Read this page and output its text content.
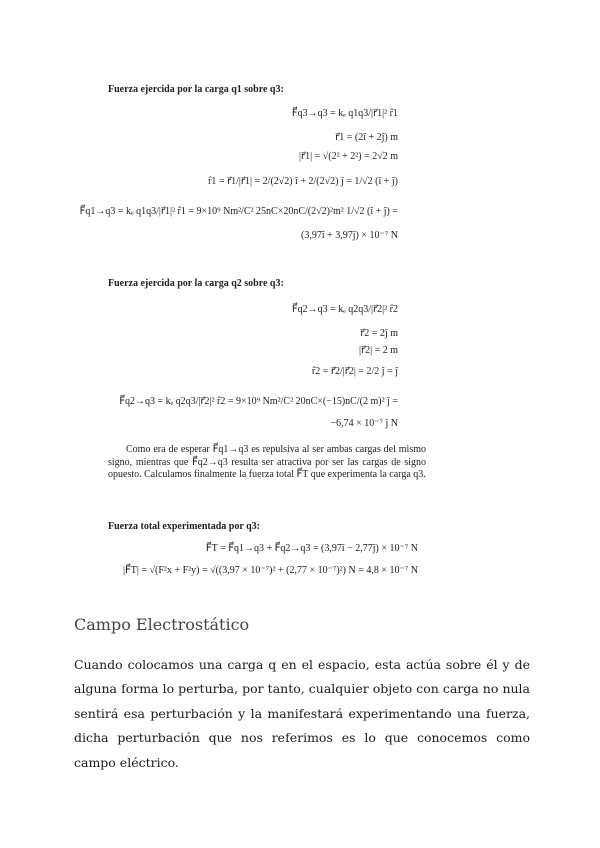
Fuerza ejercida por la carga q1 sobre q3:
F⃗q3→q3 = kₑ q1q3/|r⃗1|² r̂1
r⃗1 = (2î + 2ĵ) m
|r⃗1| = √(2² + 2²) = 2√2 m
r̂1 = r⃗1/|r⃗1| = 2/(2√2) î + 2/(2√2) ĵ = 1/√2 (î + ĵ)
F⃗q1→q3 = kₑ q1q3/|r⃗1|² r̂1 = 9×10⁹ Nm²/C² 25nC×20nC/(2√2)²m² 1/√2 (î + ĵ) =
(3,97î + 3,97ĵ) × 10⁻⁷ N
Fuerza ejercida por la carga q2 sobre q3:
F⃗q2→q3 = kₑ q2q3/|r⃗2|² r̂2
r⃗2 = 2ĵ m
|r⃗2| = 2 m
r̂2 = r⃗2/|r⃗2| = 2/2 ĵ = ĵ
F⃗q2→q3 = kₑ q2q3/|r⃗2|² r̂2 = 9×10⁹ Nm²/C² 20nC×(−15)nC/(2 m)² ĵ =
−6,74 × 10⁻⁷ ĵ N
Como era de esperar F⃗q1→q3 es repulsiva al ser ambas cargas del mismo signo, mientras que F⃗q2→q3 resulta ser atractiva por ser las cargas de signo opuesto. Calculamos finalmente la fuerza total F⃗T que experimenta la carga q3.
Fuerza total experimentada por q3:
F⃗T = F⃗q1→q3 + F⃗q2→q3 = (3,97î − 2,77ĵ) × 10⁻⁷ N
|F⃗T| = √(F²x + F²y) = √((3,97 × 10⁻⁷)² + (2,77 × 10⁻⁷)²) N = 4,8 × 10⁻⁷ N
Campo Electrostático

Cuando colocamos una carga q en el espacio, esta actúa sobre él y de alguna forma lo perturba, por tanto, cualquier objeto con carga no nula sentirá esa perturbación y la manifestará experimentando una fuerza, dicha perturbación que nos referimos es lo que conocemos como campo eléctrico.
